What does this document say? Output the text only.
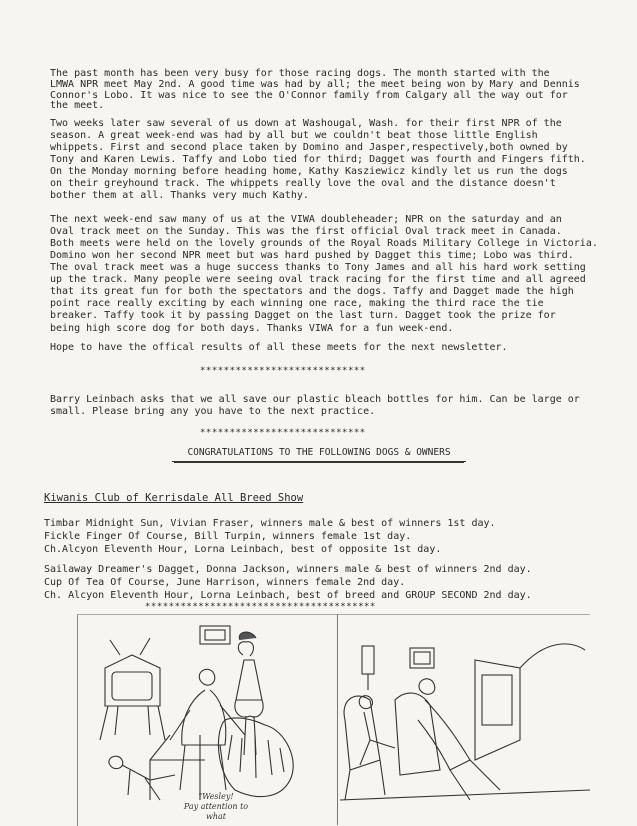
The past month has been very busy for those racing dogs. The month started with the
LMWA NPR meet May 2nd. A good time was had by all; the meet being won by Mary and Dennis
Connor's Lobo. It was nice to see the O'Connor family from Calgary all the way out for
the meet.
Two weeks later saw several of us down at Washougal, Wash. for their first NPR of the
season. A great week-end was had by all but we couldn't beat those little English
whippets. First and second place taken by Domino and Jasper,respectively,both owned by
Tony and Karen Lewis. Taffy and Lobo tied for third; Dagget was fourth and Fingers fifth.
On the Monday morning before heading home, Kathy Kasziewicz kindly let us run the dogs
on their greyhound track. The whippets really love the oval and the distance doesn't
bother them at all. Thanks very much Kathy.
The next week-end saw many of us at the VIWA doubleheader; NPR on the saturday and an
Oval track meet on the Sunday. This was the first official Oval track meet in Canada.
Both meets were held on the lovely grounds of the Royal Roads Military College in Victoria.
Domino won her second NPR meet but was hard pushed by Dagget this time; Lobo was third.
The oval track meet was a huge success thanks to Tony James and all his hard work setting
up the track. Many people were seeing oval track racing for the first time and all agreed
that its great fun for both the spectators and the dogs. Taffy and Dagget made the high
point race really exciting by each winning one race, making the third race the tie
breaker. Taffy took it by passing Dagget on the last turn. Dagget took the prize for
being high score dog for both days. Thanks VIWA for a fun week-end.
Hope to have the offical results of all these meets for the next newsletter.
****************************
Barry Leinbach asks that we all save our plastic bleach bottles for him. Can be large or
small. Please bring any you have to the next practice.
****************************
CONGRATULATIONS TO THE FOLLOWING DOGS & OWNERS
Kiwanis Club of Kerrisdale All Breed Show
Timbar Midnight Sun, Vivian Fraser, winners male & best of winners 1st day.
Fickle Finger Of Course, Bill Turpin, winners female 1st day.
Ch.Alcyon Eleventh Hour, Lorna Leinbach, best of opposite 1st day.
Sailaway Dreamer's Dagget, Donna Jackson, winners male & best of winners 2nd day.
Cup Of Tea Of Course, June Harrison, winners female 2nd day.
Ch. Alcyon Eleventh Hour, Lorna Leinbach, best of breed and GROUP SECOND 2nd day.
***************************************
"Wesley!
Pay attention to what
